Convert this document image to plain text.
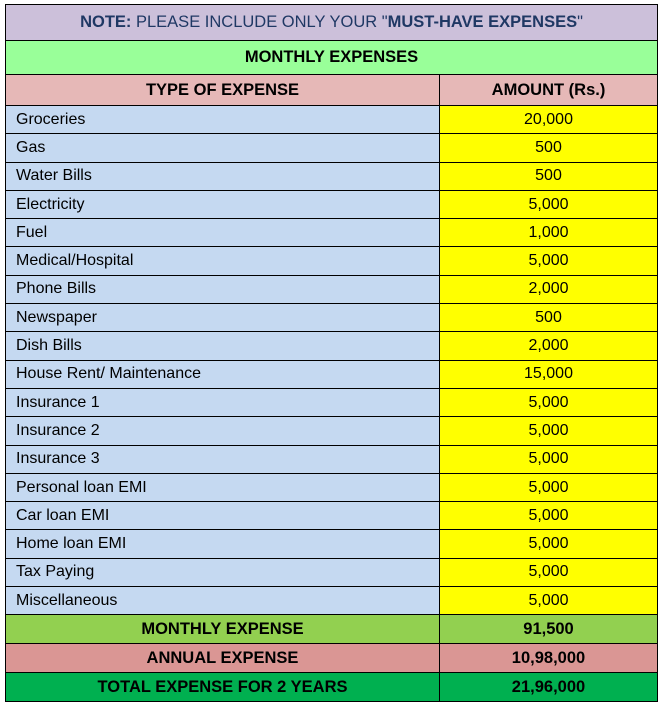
NOTE: PLEASE INCLUDE ONLY YOUR "MUST-HAVE EXPENSES"	
MONTHLY EXPENSES	
TYPE OF EXPENSE	AMOUNT (Rs.)
Groceries	20,000
Gas	500
Water Bills	500
Electricity	5,000
Fuel	1,000
Medical/Hospital	5,000
Phone Bills	2,000
Newspaper	500
Dish Bills	2,000
House Rent/ Maintenance	15,000
Insurance 1	5,000
Insurance 2	5,000
Insurance 3	5,000
Personal loan EMI	5,000
Car loan EMI	5,000
Home loan EMI	5,000
Tax Paying	5,000
Miscellaneous	5,000
MONTHLY EXPENSE	91,500
ANNUAL EXPENSE	10,98,000
TOTAL EXPENSE FOR 2 YEARS	21,96,000
